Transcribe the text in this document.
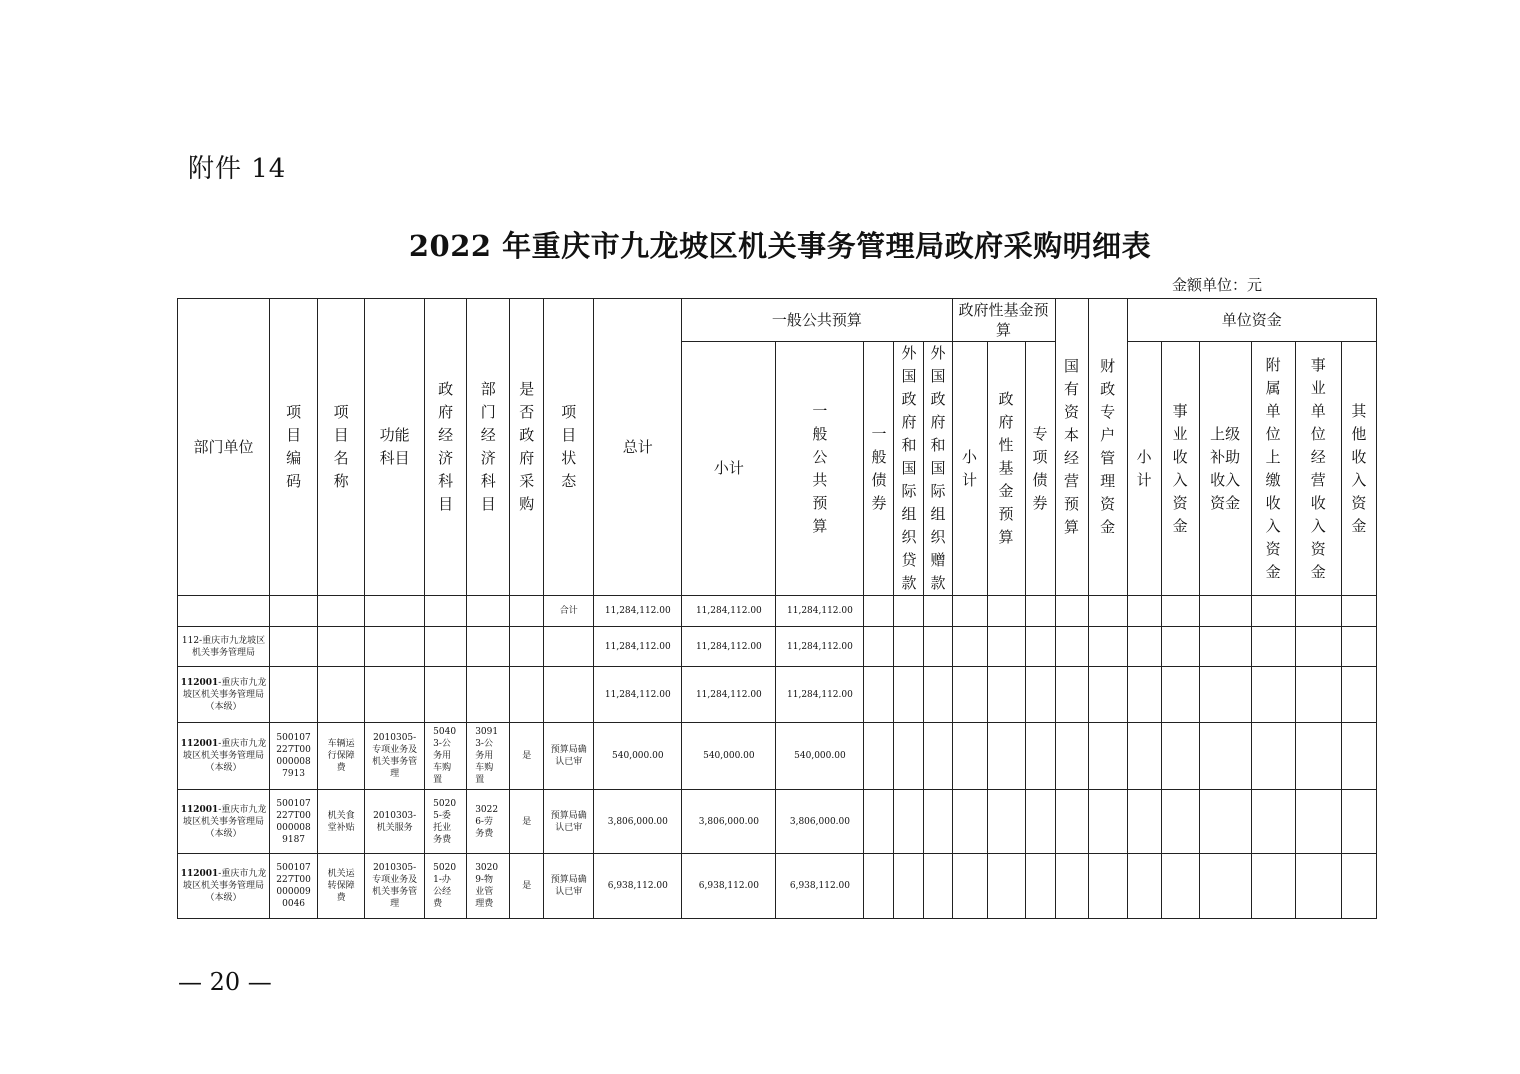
附件 14
2022 年重庆市九龙坡区机关事务管理局政府采购明细表
金额单位：元
部门单位	项目编码	项目名称	功能科目	政府经济科目	部门经济科目	是否政府采购	项目状态	总计	一般公共预算					政府性基金预算			国有资本经营预算	财政专户管理资金	单位资金					
									小计	一般公共预算	一般债券	外国政府和国际组织贷款	外国政府和国际组织赠款	小计	政府性基金预算	专项债券			小计	事业收入资金	上级补助收入资金	附属单位上缴收入资金	事业单位经营收入资金	其他收入资金
							合计	11,284,112.00	11,284,112.00	11,284,112.00														
112-重庆市九龙坡区机关事务管理局								11,284,112.00	11,284,112.00	11,284,112.00														
112001-重庆市九龙坡区机关事务管理局（本级）								11,284,112.00	11,284,112.00	11,284,112.00														
112001-重庆市九龙坡区机关事务管理局（本级）	500107227T000000087913	车辆运行保障费	2010305-专项业务及机关事务管理	50403-公务用车购置	30913-公务用车购置	是	预算局确认已审	540,000.00	540,000.00	540,000.00														
112001-重庆市九龙坡区机关事务管理局（本级）	500107227T000000089187	机关食堂补贴	2010303-机关服务	50205-委托业务费	30226-劳务费	是	预算局确认已审	3,806,000.00	3,806,000.00	3,806,000.00														
112001-重庆市九龙坡区机关事务管理局（本级）	500107227T000000090046	机关运转保障费	2010305-专项业务及机关事务管理	50201-办公经费	30209-物业管理费	是	预算局确认已审	6,938,112.00	6,938,112.00	6,938,112.00														
— 20 —
